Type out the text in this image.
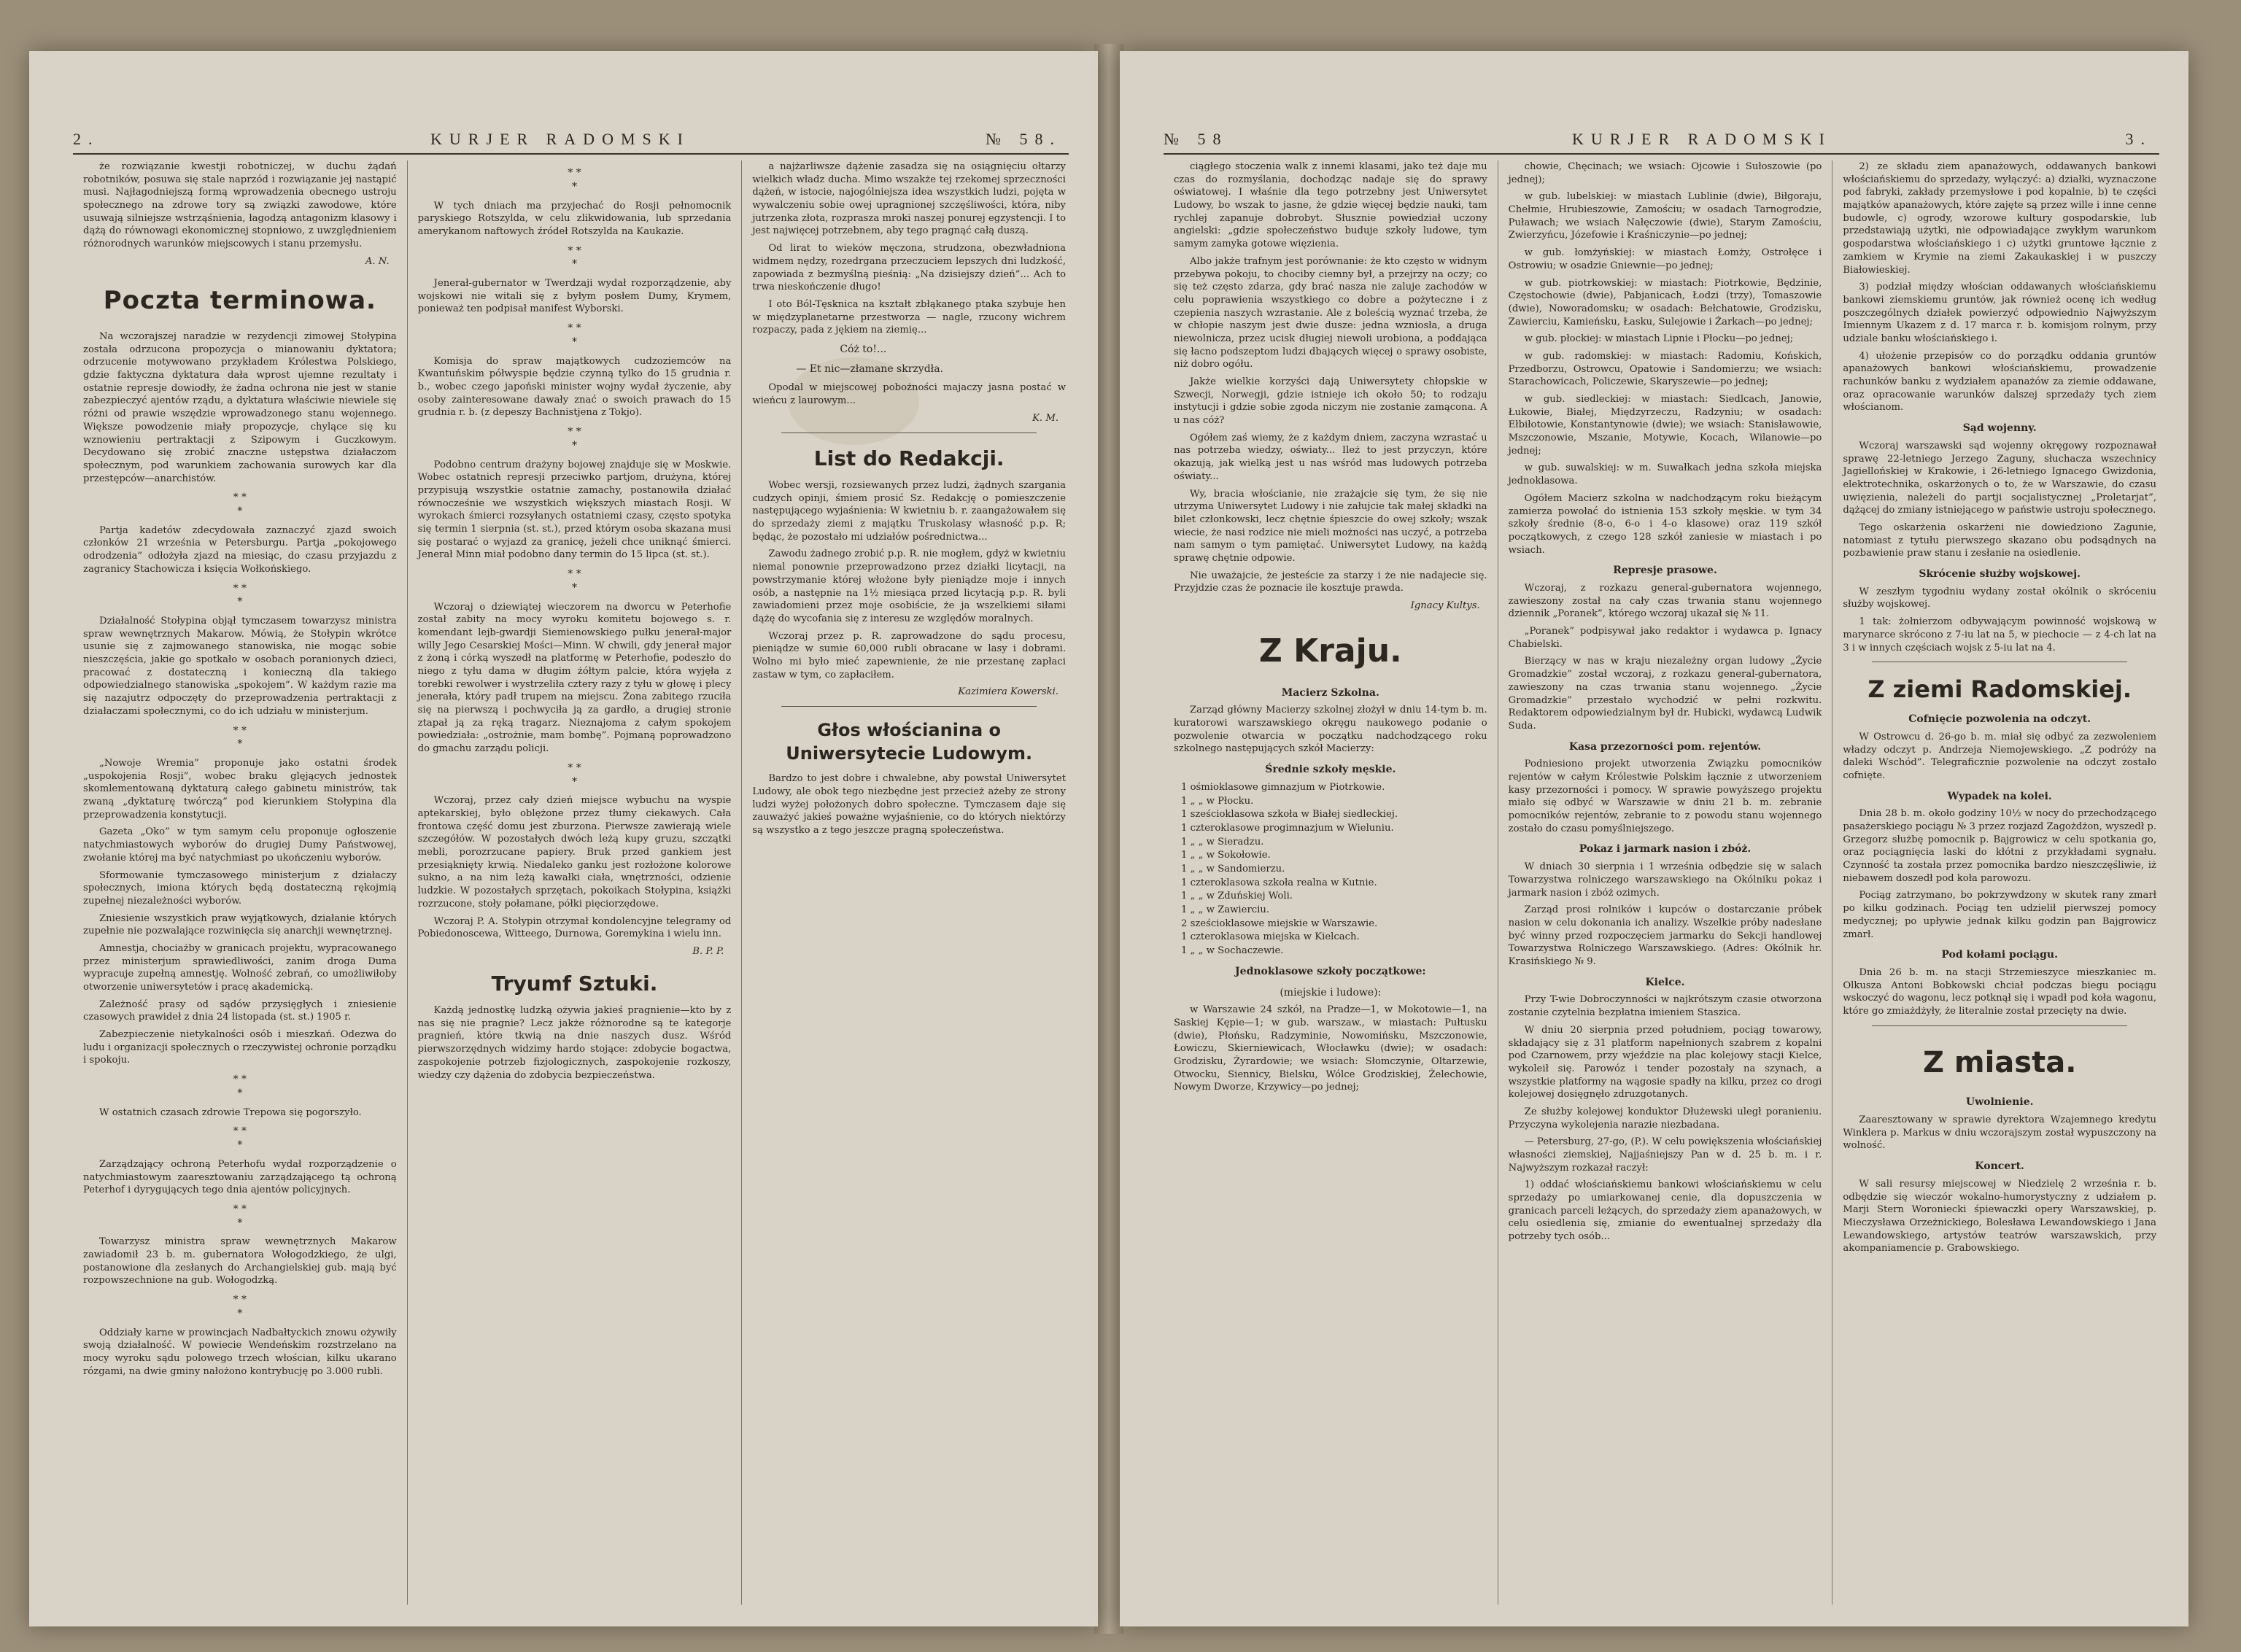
2.	KURJER RADOMSKI	№ 58.

że rozwiązanie kwestji robotniczej, w duchu żądań robotników, posuwa się stale naprzód i rozwiązanie jej nastąpić musi. Najłagodniejszą formą wprowadzenia obecnego ustroju społecznego na zdrowe tory są związki zawodowe, które usuwają silniejsze wstrząśnienia, łagodzą antagonizm klasowy i dążą do równowagi ekonomicznej stopniowo, z uwzględnieniem różnorodnych warunków miejscowych i stanu przemysłu.

A. N.
Poczta terminowa.

Na wczorajszej naradzie w rezydencji zimowej Stołypina została odrzucona propozycja o mianowaniu dyktatora; odrzucenie motywowano przykładem Królestwa Polskiego, gdzie faktyczna dyktatura dała wprost ujemne rezultaty i ostatnie represje dowiodły, że żadna ochrona nie jest w stanie zabezpieczyć ajentów rządu, a dyktatura właściwie niewiele się różni od prawie wszędzie wprowadzonego stanu wojennego. Większe powodzenie miały propozycje, chylące się ku wznowieniu pertraktacji z Szipowym i Guczkowym. Decydowano się zrobić znaczne ustępstwa działaczom społecznym, pod warunkiem zachowania surowych kar dla przestępców—anarchistów.

* *
*

Partja kadetów zdecydowała zaznaczyć zjazd swoich członków 21 września w Petersburgu. Partja „pokojowego odrodzenia” odłożyła zjazd na miesiąc, do czasu przyjazdu z zagranicy Stachowicza i księcia Wołkońskiego.

* *
*

Działalność Stołypina objął tymczasem towarzysz ministra spraw wewnętrznych Makarow. Mówią, że Stołypin wkrótce usunie się z zajmowanego stanowiska, nie mogąc sobie nieszczęścia, jakie go spotkało w osobach poranionych dzieci, pracować z dostateczną i konieczną dla takiego odpowiedzialnego stanowiska „spokojem”. W każdym razie ma się nazajutrz odpoczęty do przeprowadzenia pertraktacji z działaczami społecznymi, co do ich udziału w ministerjum.

* *
*

„Nowoje Wremia” proponuje jako ostatni środek „uspokojenia Rosji”, wobec braku glęjących jednostek skomlementowaną dyktaturą całego gabinetu ministrów, tak zwaną „dyktaturę twórczą” pod kierunkiem Stołypina dla przeprowadzenia konstytucji.

Gazeta „Oko” w tym samym celu proponuje ogłoszenie natychmiastowych wyborów do drugiej Dumy Państwowej, zwołanie której ma być natychmiast po ukończeniu wyborów.

Sformowanie tymczasowego ministerjum z działaczy społecznych, imiona których będą dostateczną rękojmią zupełnej niezależności wyborów.

Zniesienie wszystkich praw wyjątkowych, działanie których zupełnie nie pozwalające rozwinięcia się anarchji wewnętrznej.

Amnestja, chociażby w granicach projektu, wypracowanego przez ministerjum sprawiedliwości, zanim droga Duma wypracuje zupełną amnestję. Wolność zebrań, co umożliwiłoby otworzenie uniwersytetów i pracę akademicką.

Zależność prasy od sądów przysięgłych i zniesienie czasowych prawideł z dnia 24 listopada (st. st.) 1905 r.

Zabezpieczenie nietykalności osób i mieszkań. Odezwa do ludu i organizacji społecznych o rzeczywistej ochronie porządku i spokoju.

* *
*

W ostatnich czasach zdrowie Trepowa się pogorszyło.

* *
*

Zarządzający ochroną Peterhofu wydał rozporządzenie o natychmiastowym zaaresztowaniu zarządzającego tą ochroną Peterhof i dyrygujących tego dnia ajentów policyjnych.

* *
*

Towarzysz ministra spraw wewnętrznych Makarow zawiadomił 23 b. m. gubernatora Wołogodzkiego, że ulgi, postanowione dla zesłanych do Archangielskiej gub. mają być rozpowszechnione na gub. Wołogodzką.

* *
*

Oddziały karne w prowincjach Nadbałtyckich znowu ożywiły swoją działalność. W powiecie Wendeńskim rozstrzelano na mocy wyroku sądu polowego trzech włościan, kilku ukarano rózgami, na dwie gminy nałożono kontrybucję po 3.000 rubli.

* *
*

W tych dniach ma przyjechać do Rosji pełnomocnik paryskiego Rotszylda, w celu zlikwidowania, lub sprzedania amerykanom naftowych źródeł Rotszylda na Kaukazie.

* *
*

Jenerał-gubernator w Twerdzaji wydał rozporządzenie, aby wojskowi nie witali się z byłym posłem Dumy, Krymem, ponieważ ten podpisał manifest Wyborski.

* *
*

Komisja do spraw majątkowych cudzoziemców na Kwantuńskim półwyspie będzie czynną tylko do 15 grudnia r. b., wobec czego japoński minister wojny wydał życzenie, aby osoby zainteresowane dawały znać o swoich prawach do 15 grudnia r. b. (z depeszy Bachnistjena z Tokjo).

* *
*

Podobno centrum drażyny bojowej znajduje się w Moskwie. Wobec ostatnich represji przeciwko partjom, drużyna, której przypisują wszystkie ostatnie zamachy, postanowiła działać równocześnie we wszystkich większych miastach Rosji. W wyrokach śmierci rozsyłanych ostatniemi czasy, często spotyka się termin 1 sierpnia (st. st.), przed którym osoba skazana musi się postarać o wyjazd za granicę, jeżeli chce uniknąć śmierci. Jenerał Minn miał podobno dany termin do 15 lipca (st. st.).

* *
*

Wczoraj o dziewiątej wieczorem na dworcu w Peterhofie został zabity na mocy wyroku komitetu bojowego s. r. komendant lejb-gwardji Siemienowskiego pułku jenerał-major willy Jego Cesarskiej Mości—Minn. W chwili, gdy jenerał major z żoną i córką wyszedł na platformę w Peterhofie, podeszło do niego z tyłu dama w długim żółtym palcie, która wyjęła z torebki rewolwer i wystrzeliła cztery razy z tyłu w głowę i plecy jenerała, który padł trupem na miejscu. Żona zabitego rzuciła się na pierwszą i pochwyciła ją za gardło, a drugiej stronie ztapał ją za ręką tragarz. Nieznajoma z całym spokojem powiedziała: „ostrożnie, mam bombę”. Pojmaną poprowadzono do gmachu zarządu policji.

* *
*

Wczoraj, przez cały dzień miejsce wybuchu na wyspie aptekarskiej, było oblężone przez tłumy ciekawych. Cała frontowa część domu jest zburzona. Pierwsze zawierają wiele szczegółów. W pozostałych dwóch leżą kupy gruzu, szczątki mebli, porozrzucane papiery. Bruk przed gankiem jest przesiąknięty krwią. Niedaleko ganku jest rozłożone kolorowe sukno, a na nim leżą kawałki ciała, wnętrzności, odzienie ludzkie. W pozostałych sprzętach, pokoikach Stołypina, książki rozrzucone, stoły połamane, półki pięciorzędowe.

Wczoraj P. A. Stołypin otrzymał kondolencyjne telegramy od Pobiedonoscewa, Witteego, Durnowa, Goremykina i wielu inn.

B. P. P.
Tryumf Sztuki.

Każdą jednostkę ludzką ożywia jakieś pragnienie—kto by z nas się nie pragnie? Lecz jakże różnorodne są te kategorje pragnień, które tkwią na dnie naszych dusz. Wśród pierwszorzędnych widzimy hardo stojące: zdobycie bogactwa, zaspokojenie potrzeb fizjologicznych, zaspokojenie rozkoszy, wiedzy czy dążenia do zdobycia bezpieczeństwa.

a najżarliwsze dążenie zasadza się na osiągnięciu ołtarzy wielkich władz ducha. Mimo wszakże tej rzekomej sprzeczności dążeń, w istocie, najogólniejsza idea wszystkich ludzi, pojęta w wywalczeniu sobie owej upragnionej szczęśliwości, która, niby jutrzenka złota, rozprasza mroki naszej ponurej egzystencji. I to jest najwięcej potrzebnem, aby tego pragnąć całą duszą.

Od lirat to wieków męczona, strudzona, obezwładniona widmem nędzy, rozedrgana przeczuciem lepszych dni ludzkość, zapowiada z bezmyślną pieśnią: „Na dzisiejszy dzień”... Ach to trwa nieskończenie długo!

I oto Ból-Tęsknica na kształt zbłąkanego ptaka szybuje hen w międzyplanetarne przestworza — nagle, rzucony wichrem rozpaczy, pada z jękiem na ziemię...

Cóż to!...
— Et nic—złamane skrzydła.

Opodal w miejscowej pobożności majaczy jasna postać w wieńcu z laurowym...

K. M.
List do Redakcji.

Wobec wersji, rozsiewanych przez ludzi, żądnych szargania cudzych opinji, śmiem prosić Sz. Redakcję o pomieszczenie następującego wyjaśnienia: W kwietniu b. r. zaangażowałem się do sprzedaży ziemi z majątku Truskolasy własność p.p. R; będąc, że pozostało mi udziałów pośrednictwa...

Zawodu żadnego zrobić p.p. R. nie mogłem, gdyż w kwietniu niemal ponownie przeprowadzono przez działki licytacji, na powstrzymanie której włożone były pieniądze moje i innych osób, a następnie na 1½ miesiąca przed licytacją p.p. R. byli zawiadomieni przez moje osobiście, że ja wszelkiemi siłami dążę do wycofania się z interesu ze względów moralnych.

Wczoraj przez p. R. zaprowadzone do sądu procesu, pieniądze w sumie 60,000 rubli obracane w lasy i dobrami. Wolno mi było mieć zapewnienie, że nie przestanę zapłaci zastaw w tym, co zapłaciłem.

Kazimiera Kowerski.
Głos włościanina o Uniwersytecie Ludowym.

Bardzo to jest dobre i chwalebne, aby powstał Uniwersytet Ludowy, ale obok tego niezbędne jest przecież ażeby ze strony ludzi wyżej położonych dobro społeczne. Tymczasem daje się zauważyć jakieś poważne wyjaśnienie, co do których niektórzy są wszystko a z tego jeszcze pragną społeczeństwa.

№ 58	KURJER RADOMSKI	3.

ciągłego stoczenia walk z innemi klasami, jako też daje mu czas do rozmyślania, dochodząc nadaje się do sprawy oświatowej. I właśnie dla tego potrzebny jest Uniwersytet Ludowy, bo wszak to jasne, że gdzie więcej będzie nauki, tam rychlej zapanuje dobrobyt. Słusznie powiedział uczony angielski: „gdzie społeczeństwo buduje szkoły ludowe, tym samym zamyka gotowe więzienia.

Albo jakże trafnym jest porównanie: że kto często w widnym przebywa pokoju, to chociby ciemny był, a przejrzy na oczy; co się też często zdarza, gdy brać nasza nie zaluje zachodów w celu poprawienia wszystkiego co dobre a pożyteczne i z czepienia naszych wzrastanie. Ale z boleścią wyznać trzeba, że w chłopie naszym jest dwie dusze: jedna wzniosła, a druga niewolnicza, przez ucisk długiej niewoli urobiona, a poddająca się łacno podszeptom ludzi dbających więcej o sprawy osobiste, niż dobro ogółu.

Jakże wielkie korzyści dają Uniwersytety chłopskie w Szwecji, Norwegji, gdzie istnieje ich około 50; to rodzaju instytucji i gdzie sobie zgoda niczym nie zostanie zamącona. A u nas cóż?

Ogółem zaś wiemy, że z każdym dniem, zaczyna wzrastać u nas potrzeba wiedzy, oświaty... Ileż to jest przyczyn, które okazują, jak wielką jest u nas wśród mas ludowych potrzeba oświaty...

Wy, bracia włościanie, nie zrażajcie się tym, że się nie utrzyma Uniwersytet Ludowy i nie załujcie tak małej składki na bilet członkowski, lecz chętnie śpieszcie do owej szkoły; wszak wiecie, że nasi rodzice nie mieli możności nas uczyć, a potrzeba nam samym o tym pamiętać. Uniwersytet Ludowy, na każdą sprawę chętnie odpowie.

Nie uważajcie, że jesteście za starzy i że nie nadajecie się. Przyjdzie czas że poznacie ile kosztuje prawda.

Ignacy Kultys.
Z Kraju.
Macierz Szkolna.

Zarząd główny Macierzy szkolnej złożył w dniu 14-tym b. m. kuratorowi warszawskiego okręgu naukowego podanie o pozwolenie otwarcia w początku nadchodzącego roku szkolnego następujących szkół Macierzy:

Średnie szkoły męskie.
1 ośmioklasowe gimnazjum w Piotrkowie.
1 „ „ w Płocku.
1 sześcioklasowa szkoła w Białej siedleckiej.
1 czteroklasowe progimnazjum w Wieluniu.
1 „ „ w Sieradzu.
1 „ „ w Sokołowie.
1 „ „ w Sandomierzu.
1 czteroklasowa szkoła realna w Kutnie.
1 „ „ w Zduńskiej Woli.
1 „ „ w Zawierciu.
2 sześcioklasowe miejskie w Warszawie.
1 czteroklasowa miejska w Kielcach.
1 „ „ w Sochaczewie.
Jednoklasowe szkoły początkowe:
(miejskie i ludowe):

w Warszawie 24 szkół, na Pradze—1, w Mokotowie—1, na Saskiej Kępie—1; w gub. warszaw., w miastach: Pułtusku (dwie), Płońsku, Radzyminie, Nowomińsku, Mszczonowie, Łowiczu, Skierniewicach, Włocławku (dwie); w osadach: Grodzisku, Żyrardowie; we wsiach: Słomczynie, Oltarzewie, Otwocku, Siennicy, Bielsku, Wólce Grodziskiej, Żelechowie, Nowym Dworze, Krzywicy—po jednej;

chowie, Chęcinach; we wsiach: Ojcowie i Sułoszowie (po jednej);

w gub. lubelskiej: w miastach Lublinie (dwie), Biłgoraju, Chełmie, Hrubieszowie, Zamościu; w osadach Tarnogrodzie, Puławach; we wsiach Nałęczowie (dwie), Starym Zamościu, Zwierzyńcu, Józefowie i Kraśniczynie—po jednej;

w gub. łomżyńskiej: w miastach Łomży, Ostrołęce i Ostrowiu; w osadzie Gniewnie—po jednej;

w gub. piotrkowskiej: w miastach: Piotrkowie, Będzinie, Częstochowie (dwie), Pabjanicach, Łodzi (trzy), Tomaszowie (dwie), Noworadomsku; w osadach: Bełchatowie, Grodzisku, Zawierciu, Kamieńsku, Łasku, Sulejowie i Żarkach—po jednej;

w gub. płockiej: w miastach Lipnie i Płocku—po jednej;

w gub. radomskiej: w miastach: Radomiu, Końskich, Przedborzu, Ostrowcu, Opatowie i Sandomierzu; we wsiach: Starachowicach, Policzewie, Skaryszewie—po jednej;

w gub. siedleckiej: w miastach: Siedlcach, Janowie, Łukowie, Białej, Międzyrzeczu, Radzyniu; w osadach: Ełbiłotowie, Konstantynowie (dwie); we wsiach: Stanisławowie, Mszczonowie, Mszanie, Motywie, Kocach, Wilanowie—po jednej;

w gub. suwalskiej: w m. Suwałkach jedna szkoła miejska jednoklasowa.

Ogółem Macierz szkolna w nadchodzącym roku bieżącym zamierza powołać do istnienia 153 szkoły męskie. w tym 34 szkoły średnie (8-o, 6-o i 4-o klasowe) oraz 119 szkół początkowych, z czego 128 szkół zaniesie w miastach i po wsiach.

Represje prasowe.

Wczoraj, z rozkazu general-gubernatora wojennego, zawieszony został na cały czas trwania stanu wojennego dziennik „Poranek”, którego wczoraj ukazał się № 11.

„Poranek” podpisywał jako redaktor i wydawca p. Ignacy Chabielski.

Bierzący w nas w kraju niezależny organ ludowy „Życie Gromadzkie” został wczoraj, z rozkazu general-gubernatora, zawieszony na czas trwania stanu wojennego. „Życie Gromadzkie” przestało wychodzić w pełni rozkwitu. Redaktorem odpowiedzialnym był dr. Hubicki, wydawcą Ludwik Suda.

Kasa przezorności pom. rejentów.

Podniesiono projekt utworzenia Związku pomocników rejentów w całym Królestwie Polskim łącznie z utworzeniem kasy przezorności i pomocy. W sprawie powyższego projektu miało się odbyć w Warszawie w dniu 21 b. m. zebranie pomocników rejentów, zebranie to z powodu stanu wojennego zostało do czasu pomyślniejszego.

Pokaz i jarmark nasion i zbóż.

W dniach 30 sierpnia i 1 września odbędzie się w salach Towarzystwa rolniczego warszawskiego na Okólniku pokaz i jarmark nasion i zbóż ozimych.

Zarząd prosi rolników i kupców o dostarczanie próbek nasion w celu dokonania ich analizy. Wszelkie próby nadesłane być winny przed rozpoczęciem jarmarku do Sekcji handlowej Towarzystwa Rolniczego Warszawskiego. (Adres: Okólnik hr. Krasińskiego № 9.

Kielce.

Przy T-wie Dobroczynności w najkrótszym czasie otworzona zostanie czytelnia bezpłatna imieniem Staszica.

W dniu 20 sierpnia przed południem, pociąg towarowy, składający się z 31 platform napełnionych szabrem z kopalni pod Czarnowem, przy wjeździe na plac kolejowy stacji Kielce, wykoleił się. Parowóz i tender pozostały na szynach, a wszystkie platformy na wągosie spadły na kilku, przez co drogi kolejowej dosięgnęło zdruzgotanych.

Ze służby kolejowej konduktor Dłużewski uległ poranieniu. Przyczyna wykolejenia narazie niezbadana.

— Petersburg, 27-go, (P.). W celu powiększenia włościańskiej własności ziemskiej, Najjaśniejszy Pan w d. 25 b. m. i r. Najwyższym rozkazał raczył:

1) oddać włościańskiemu bankowi włościańskiemu w celu sprzedaży po umiarkowanej cenie, dla dopuszczenia w granicach parceli leżących, do sprzedaży ziem apanażowych, w celu osiedlenia się, zmianie do ewentualnej sprzedaży dla potrzeby tych osób...

2) ze składu ziem apanażowych, oddawanych bankowi włościańskiemu do sprzedaży, wyłączyć: a) działki, wyznaczone pod fabryki, zakłady przemysłowe i pod kopalnie, b) te części majątków apanażowych, które zajęte są przez wille i inne cenne budowle, c) ogrody, wzorowe kultury gospodarskie, lub przedstawiają użytki, nie odpowiadające zwykłym warunkom gospodarstwa włościańskiego i c) użytki gruntowe łącznie z zamkiem w Krymie na ziemi Zakaukaskiej i w puszczy Białowieskiej.

3) podział między włościan oddawanych włościańskiemu bankowi ziemskiemu gruntów, jak również ocenę ich według poszczególnych działek powierzyć odpowiednio Najwyższym Imiennym Ukazem z d. 17 marca r. b. komisjom rolnym, przy udziale banku włościańskiego i.

4) ułożenie przepisów co do porządku oddania gruntów apanażowych bankowi włościańskiemu, prowadzenie rachunków banku z wydziałem apanażów za ziemie oddawane, oraz opracowanie warunków dalszej sprzedaży tych ziem włościanom.

Sąd wojenny.

Wczoraj warszawski sąd wojenny okręgowy rozpoznawał sprawę 22-letniego Jerzego Zaguny, słuchacza wszechnicy Jagiellońskiej w Krakowie, i 26-letniego Ignacego Gwizdonia, elektrotechnika, oskarżonych o to, że w Warszawie, do czasu uwięzienia, należeli do partji socjalistycznej „Proletarjat”, dążącej do zmiany istniejącego w państwie ustroju społecznego.

Tego oskarżenia oskarżeni nie dowiedziono Zagunie, natomiast z tytułu pierwszego skazano obu podsądnych na pozbawienie praw stanu i zesłanie na osiedlenie.

Skrócenie służby wojskowej.

W zeszłym tygodniu wydany został okólnik o skróceniu służby wojskowej.

1 tak: żołnierzom odbywającym powinność wojskową w marynarce skrócono z 7-iu lat na 5, w piechocie — z 4-ch lat na 3 i w innych częściach wojsk z 5-iu lat na 4.

Z ziemi Radomskiej.
Cofnięcie pozwolenia na odczyt.

W Ostrowcu d. 26-go b. m. miał się odbyć za zezwoleniem władzy odczyt p. Andrzeja Niemojewskiego. „Z podróży na daleki Wschód”. Telegraficznie pozwolenie na odczyt zostało cofnięte.

Wypadek na kolei.

Dnia 28 b. m. około godziny 10½ w nocy do przechodzącego pasażerskiego pociągu № 3 przez rozjazd Zagożdżon, wyszedł p. Grzegorz służbę pomocnik p. Bajgrowicz w celu spotkania go, oraz pociągnięcia laski do kłótni z przykładami sygnału. Czynność ta została przez pomocnika bardzo nieszczęśliwie, iż niebawem doszedł pod koła parowozu.

Pociąg zatrzymano, bo pokrzywdzony w skutek rany zmarł po kilku godzinach. Pociąg ten udzielił pierwszej pomocy medycznej; po upływie jednak kilku godzin pan Bajgrowicz zmarł.

Pod kołami pociągu.

Dnia 26 b. m. na stacji Strzemieszyce mieszkaniec m. Olkusza Antoni Bobkowski chciał podczas biegu pociągu wskoczyć do wagonu, lecz potknął się i wpadł pod koła wagonu, które go zmiażdżyły, że literalnie został przecięty na dwie.

Z miasta.
Uwolnienie.

Zaaresztowany w sprawie dyrektora Wzajemnego kredytu Winklera p. Markus w dniu wczorajszym został wypuszczony na wolność.

Koncert.

W sali resursy miejscowej w Niedzielę 2 września r. b. odbędzie się wieczór wokalno-humorystyczny z udziałem p. Marji Stern Woroniecki śpiewaczki opery Warszawskiej, p. Mieczysława Orzeżnickiego, Bolesława Lewandowskiego i Jana Lewandowskiego, artystów teatrów warszawskich, przy akompaniamencie p. Grabowskiego.
